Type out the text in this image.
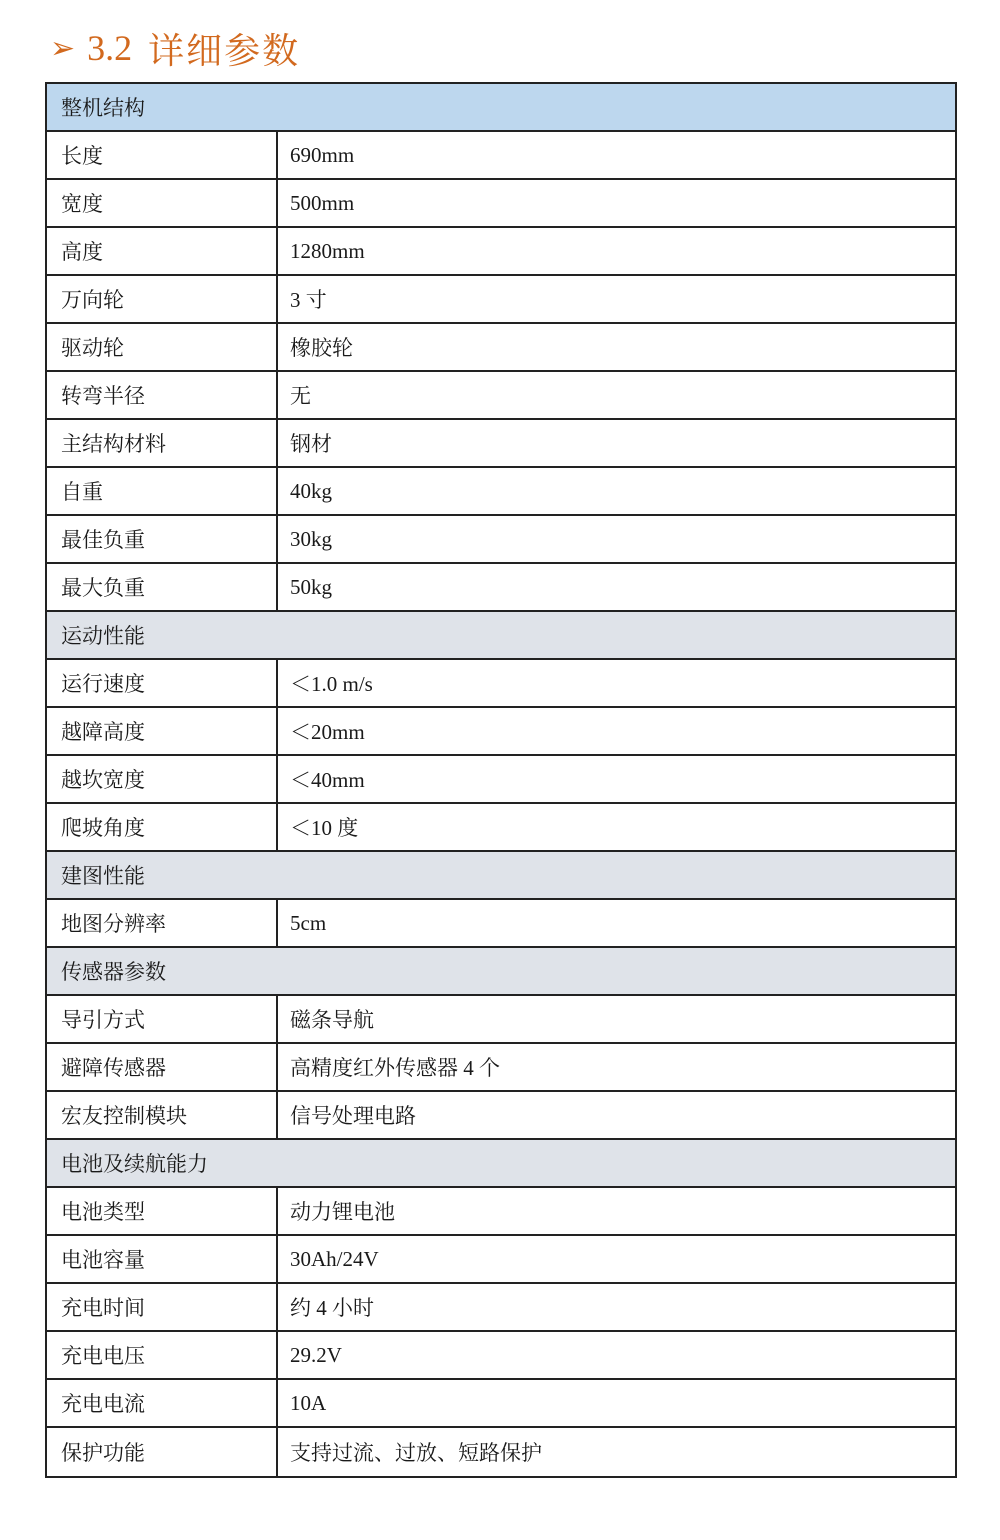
➢ 3.2 详细参数
整机结构
长度	690mm
宽度	500mm
高度	1280mm
万向轮	3 寸
驱动轮	橡胶轮
转弯半径	无
主结构材料	钢材
自重	40kg
最佳负重	30kg
最大负重	50kg
运动性能
运行速度	＜1.0 m/s
越障高度	＜20mm
越坎宽度	＜40mm
爬坡角度	＜10 度
建图性能
地图分辨率	5cm
传感器参数
导引方式	磁条导航
避障传感器	高精度红外传感器 4 个
宏友控制模块	信号处理电路
电池及续航能力
电池类型	动力锂电池
电池容量	30Ah/24V
充电时间	约 4 小时
充电电压	29.2V
充电电流	10A
保护功能	支持过流、过放、短路保护
